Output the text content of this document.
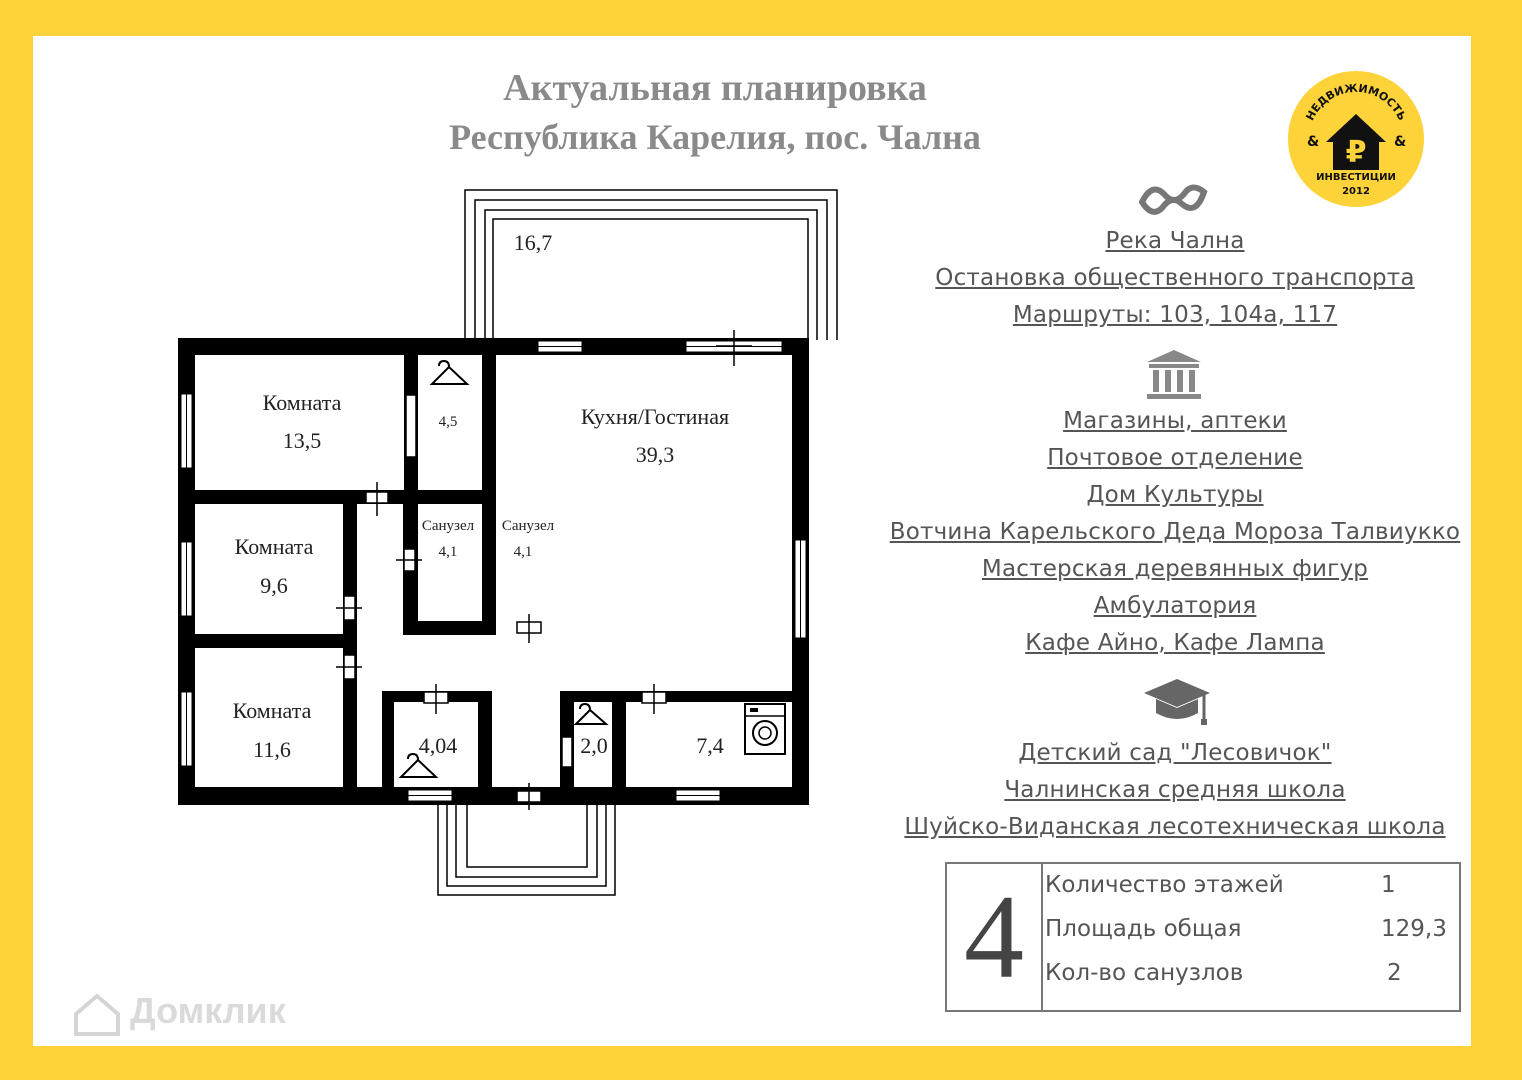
Актуальная планировка
Республика Карелия, пос. Чална
НЕДВИЖИМОСТЬ
₽
&	&
ИНВЕСТИЦИИ
2012
16,7
Комната
13,5
4,5	Кухня/Гостиная
39,3
Комната
9,6
Санузел
4,1
Санузел
4,1
Комната
11,6	4,04	2,0	7,4
Река Чална
Остановка общественного транспорта
Маршруты: 103, 104а, 117
Магазины, аптеки
Почтовое отделение
Дом Культуры
Вотчина Карельского Деда Мороза Талвиукко
Мастерская деревянных фигур
Амбулатория
Кафе Айно, Кафе Лампа
Детский сад "Лесовичок"
Чалнинская средняя школа
Шуйско-Виданская лесотехническая школа
4 Количество этажей	1
Площадь общая	129,3
Кол-во санузлов	2
Домклик
